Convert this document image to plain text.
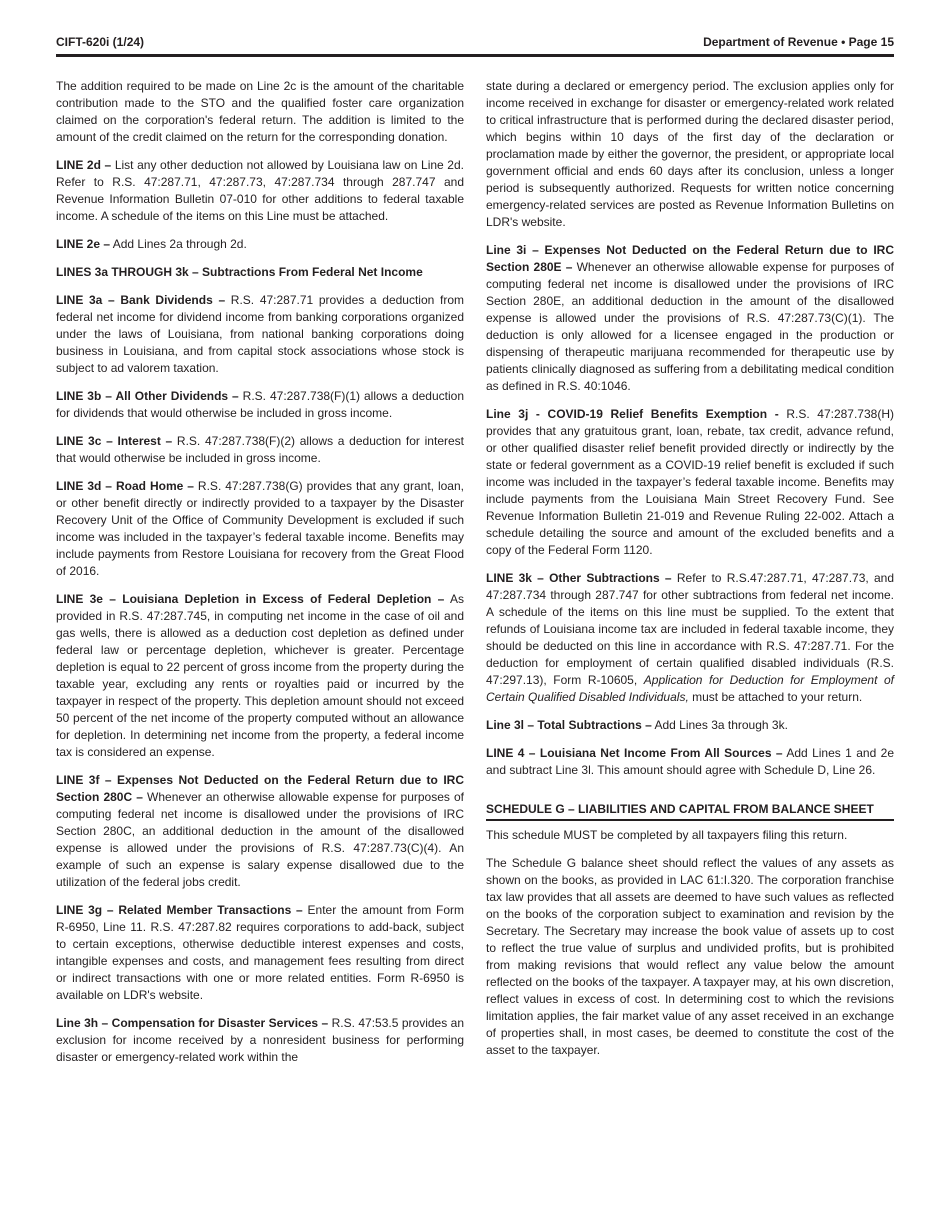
CIFT-620i (1/24)	Department of Revenue • Page 15

The addition required to be made on Line 2c is the amount of the charitable contribution made to the STO and the qualified foster care organization claimed on the corporation's federal return. The addition is limited to the amount of the credit claimed on the return for the corresponding donation.

LINE 2d – List any other deduction not allowed by Louisiana law on Line 2d. Refer to R.S. 47:287.71, 47:287.73, 47:287.734 through 287.747 and Revenue Information Bulletin 07-010 for other additions to federal taxable income. A schedule of the items on this Line must be attached.

LINE 2e – Add Lines 2a through 2d.

LINES 3a THROUGH 3k – Subtractions From Federal Net Income

LINE 3a – Bank Dividends – R.S. 47:287.71 provides a deduction from federal net income for dividend income from banking corporations organized under the laws of Louisiana, from national banking corporations doing business in Louisiana, and from capital stock associations whose stock is subject to ad valorem taxation.

LINE 3b – All Other Dividends – R.S. 47:287.738(F)(1) allows a deduction for dividends that would otherwise be included in gross income.

LINE 3c – Interest – R.S. 47:287.738(F)(2) allows a deduction for interest that would otherwise be included in gross income.

LINE 3d – Road Home – R.S. 47:287.738(G) provides that any grant, loan, or other benefit directly or indirectly provided to a taxpayer by the Disaster Recovery Unit of the Office of Community Development is excluded if such income was included in the taxpayer’s federal taxable income. Benefits may include payments from Restore Louisiana for recovery from the Great Flood of 2016.

LINE 3e – Louisiana Depletion in Excess of Federal Depletion – As provided in R.S. 47:287.745, in computing net income in the case of oil and gas wells, there is allowed as a deduction cost depletion as defined under federal law or percentage depletion, whichever is greater. Percentage depletion is equal to 22 percent of gross income from the property during the taxable year, excluding any rents or royalties paid or incurred by the taxpayer in respect of the property. This depletion amount should not exceed 50 percent of the net income of the property computed without an allowance for depletion. In determining net income from the property, a federal income tax is considered an expense.

LINE 3f – Expenses Not Deducted on the Federal Return due to IRC Section 280C – Whenever an otherwise allowable expense for purposes of computing federal net income is disallowed under the provisions of IRC Section 280C, an additional deduction in the amount of the disallowed expense is allowed under the provisions of R.S. 47:287.73(C)(4). An example of such an expense is salary expense disallowed due to the utilization of the federal jobs credit.

LINE 3g – Related Member Transactions – Enter the amount from Form R-6950, Line 11. R.S. 47:287.82 requires corporations to add-back, subject to certain exceptions, otherwise deductible interest expenses and costs, intangible expenses and costs, and management fees resulting from direct or indirect transactions with one or more related entities. Form R-6950 is available on LDR's website.

Line 3h – Compensation for Disaster Services – R.S. 47:53.5 provides an exclusion for income received by a nonresident business for performing disaster or emergency-related work within the

state during a declared or emergency period. The exclusion applies only for income received in exchange for disaster or emergency-related work related to critical infrastructure that is performed during the declared disaster period, which begins within 10 days of the first day of the declaration or proclamation made by either the governor, the president, or appropriate local government official and ends 60 days after its conclusion, unless a longer period is subsequently authorized. Requests for written notice concerning emergency-related services are posted as Revenue Information Bulletins on LDR's website.

Line 3i – Expenses Not Deducted on the Federal Return due to IRC Section 280E – Whenever an otherwise allowable expense for purposes of computing federal net income is disallowed under the provisions of IRC Section 280E, an additional deduction in the amount of the disallowed expense is allowed under the provisions of R.S. 47:287.73(C)(1). The deduction is only allowed for a licensee engaged in the production or dispensing of therapeutic marijuana recommended for therapeutic use by patients clinically diagnosed as suffering from a debilitating medical condition as defined in R.S. 40:1046.

Line 3j - COVID-19 Relief Benefits Exemption - R.S. 47:287.738(H) provides that any gratuitous grant, loan, rebate, tax credit, advance refund, or other qualified disaster relief benefit provided directly or indirectly by the state or federal government as a COVID-19 relief benefit is excluded if such income was included in the taxpayer’s federal taxable income. Benefits may include payments from the Louisiana Main Street Recovery Fund. See Revenue Information Bulletin 21-019 and Revenue Ruling 22-002. Attach a schedule detailing the source and amount of the excluded benefits and a copy of the Federal Form 1120.

LINE 3k – Other Subtractions – Refer to R.S.47:287.71, 47:287.73, and 47:287.734 through 287.747 for other subtractions from federal net income. A schedule of the items on this line must be supplied. To the extent that refunds of Louisiana income tax are included in federal taxable income, they should be deducted on this line in accordance with R.S. 47:287.71. For the deduction for employment of certain qualified disabled individuals (R.S. 47:297.13), Form R-10605, Application for Deduction for Employment of Certain Qualified Disabled Individuals, must be attached to your return.

Line 3l – Total Subtractions – Add Lines 3a through 3k.

LINE 4 – Louisiana Net Income From All Sources – Add Lines 1 and 2e and subtract Line 3l. This amount should agree with Schedule D, Line 26.

SCHEDULE G – LIABILITIES AND CAPITAL FROM BALANCE SHEET

This schedule MUST be completed by all taxpayers filing this return.

The Schedule G balance sheet should reflect the values of any assets as shown on the books, as provided in LAC 61:I.320. The corporation franchise tax law provides that all assets are deemed to have such values as reflected on the books of the corporation subject to examination and revision by the Secretary. The Secretary may increase the book value of assets up to cost to reflect the true value of surplus and undivided profits, but is prohibited from making revisions that would reflect any value below the amount reflected on the books of the taxpayer. A taxpayer may, at his own discretion, reflect values in excess of cost. In determining cost to which the revisions limitation applies, the fair market value of any asset received in an exchange of properties shall, in most cases, be deemed to constitute the cost of the asset to the taxpayer.
